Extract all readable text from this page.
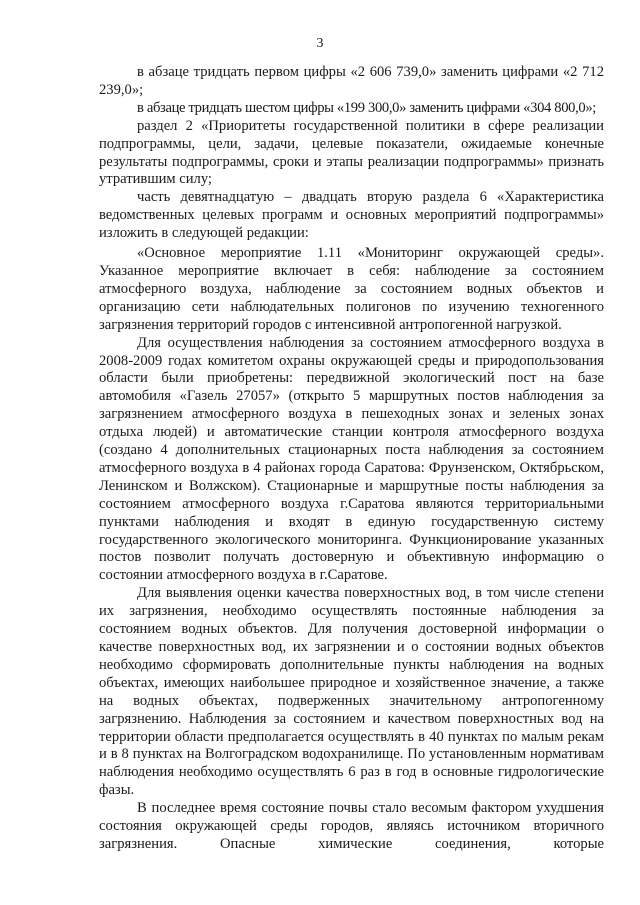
3

в абзаце тридцать первом цифры «2 606 739,0» заменить цифрами «2 712 239,0»;

в абзаце тридцать шестом цифры «199 300,0» заменить цифрами «304 800,0»;

раздел 2 «Приоритеты государственной политики в сфере реализации подпрограммы, цели, задачи, целевые показатели, ожидаемые конечные результаты подпрограммы, сроки и этапы реализации подпрограммы» признать утратившим силу;

часть девятнадцатую – двадцать вторую раздела 6 «Характеристика ведомственных целевых программ и основных мероприятий подпрограммы» изложить в следующей редакции:

«Основное мероприятие 1.11 «Мониторинг окружающей среды». Указанное мероприятие включает в себя: наблюдение за состоянием атмосферного воздуха, наблюдение за состоянием водных объектов и организацию сети наблюдательных полигонов по изучению техногенного загрязнения территорий городов с интенсивной антропогенной нагрузкой.

Для осуществления наблюдения за состоянием атмосферного воздуха в 2008-2009 годах комитетом охраны окружающей среды и природопользования области были приобретены: передвижной экологический пост на базе автомобиля «Газель 27057» (открыто 5 маршрутных постов наблюдения за загрязнением атмосферного воздуха в пешеходных зонах и зеленых зонах отдыха людей) и автоматические станции контроля атмосферного воздуха (создано 4 дополнительных стационарных поста наблюдения за состоянием атмосферного воздуха в 4 районах города Саратова: Фрунзенском, Октябрьском, Ленинском и Волжском). Стационарные и маршрутные посты наблюдения за состоянием атмосферного воздуха г.Саратова являются территориальными пунктами наблюдения и входят в единую государственную систему государственного экологического мониторинга. Функционирование указанных постов позволит получать достоверную и объективную информацию о состоянии атмосферного воздуха в г.Саратове.

Для выявления оценки качества поверхностных вод, в том числе степени их загрязнения, необходимо осуществлять постоянные наблюдения за состоянием водных объектов. Для получения достоверной информации о качестве поверхностных вод, их загрязнении и о состоянии водных объектов необходимо сформировать дополнительные пункты наблюдения на водных объектах, имеющих наибольшее природное и хозяйственное значение, а также на водных объектах, подверженных значительному антропогенному загрязнению. Наблюдения за состоянием и качеством поверхностных вод на территории области предполагается осуществлять в 40 пунктах по малым рекам и в 8 пунктах на Волгоградском водохранилище. По установленным нормативам наблюдения необходимо осуществлять 6 раз в год в основные гидрологические фазы.

В последнее время состояние почвы стало весомым фактором ухудшения состояния окружающей среды городов, являясь источником вторичного загрязнения. Опасные химические соединения, которые
